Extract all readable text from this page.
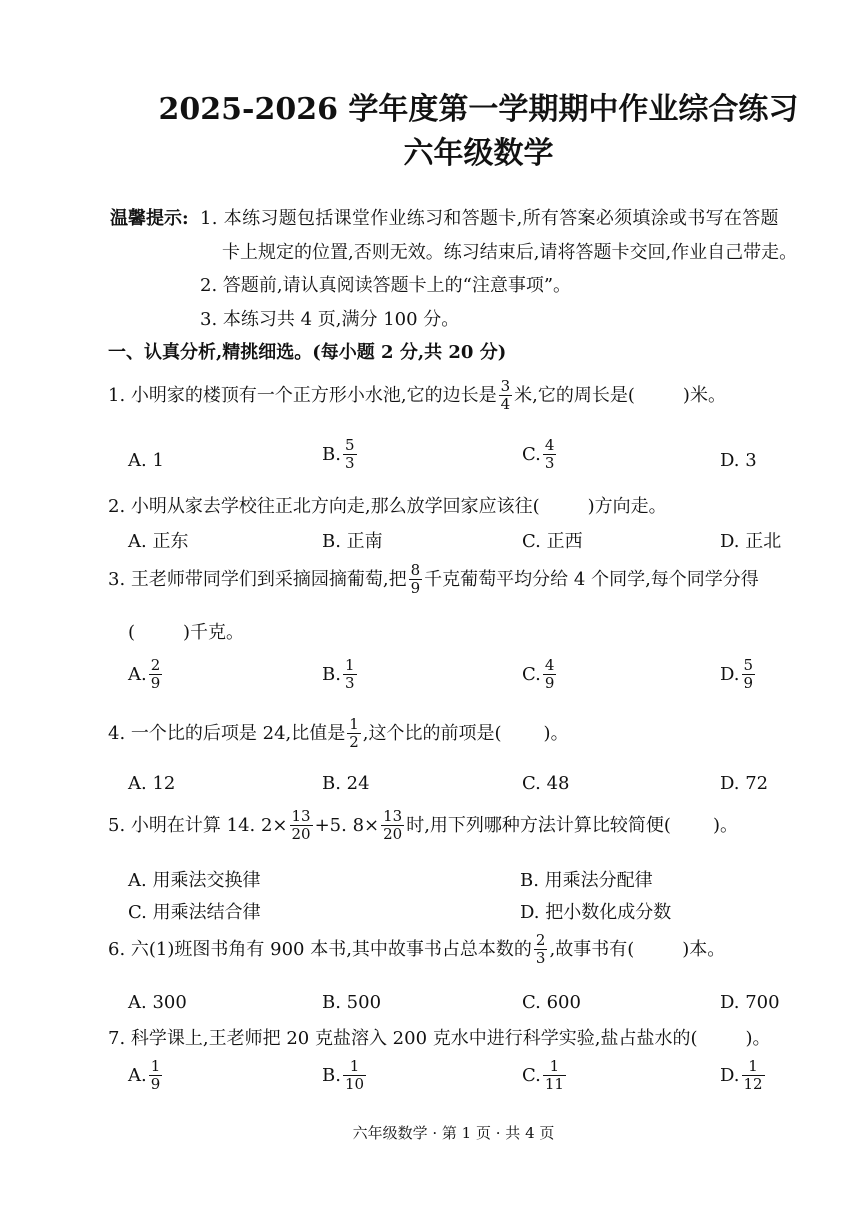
2025-2026 学年度第一学期期中作业综合练习
六年级数学
温馨提示: 1. 本练习题包括课堂作业练习和答题卡,所有答案必须填涂或书写在答题
卡上规定的位置,否则无效。练习结束后,请将答题卡交回,作业自己带走。
2. 答题前,请认真阅读答题卡上的“注意事项”。
3. 本练习共 4 页,满分 100 分。
一、认真分析,精挑细选。(每小题 2 分,共 20 分)
1. 小明家的楼顶有一个正方形小水池,它的边长是 $\frac{3}{4}$ 米,它的周长是(	)米。
A. 1	B. $\frac{5}{3}$	C. $\frac{4}{3}$	D. 3
2. 小明从家去学校往正北方向走,那么放学回家应该往(	)方向走。
A. 正东	B. 正南	C. 正西	D. 正北
3. 王老师带同学们到采摘园摘葡萄,把 $\frac{8}{9}$ 千克葡萄平均分给 4 个同学,每个同学分得
(	)千克。
A. $\frac{2}{9}$	B. $\frac{1}{3}$	C. $\frac{4}{9}$	D. $\frac{5}{9}$
4. 一个比的后项是 24,比值是 $\frac{1}{2}$ ,这个比的前项是( )。
A. 12	B. 24	C. 48	D. 72
5. 小明在计算 14. $2\times \frac{13}{20} +5$. $8\times \frac{13}{20}$ 时,用下列哪种方法计算比较简便( )。
A. 用乘法交换律	B. 用乘法分配律
C. 用乘法结合律	D. 把小数化成分数
6. 六(1)班图书角有 900 本书,其中故事书占总本数的 $\frac{2}{3}$ ,故事书有(	)本。
A. 300	B. 500	C. 600	D. 700
7. 科学课上,王老师把 20 克盐溶入 200 克水中进行科学实验,盐占盐水的(	)。
A. $\frac{1}{9}$	B. $\frac{1}{10}$	C. $\frac{1}{11}$	D. $\frac{1}{12}$
六年级数学 · 第 1 页 · 共 4 页
